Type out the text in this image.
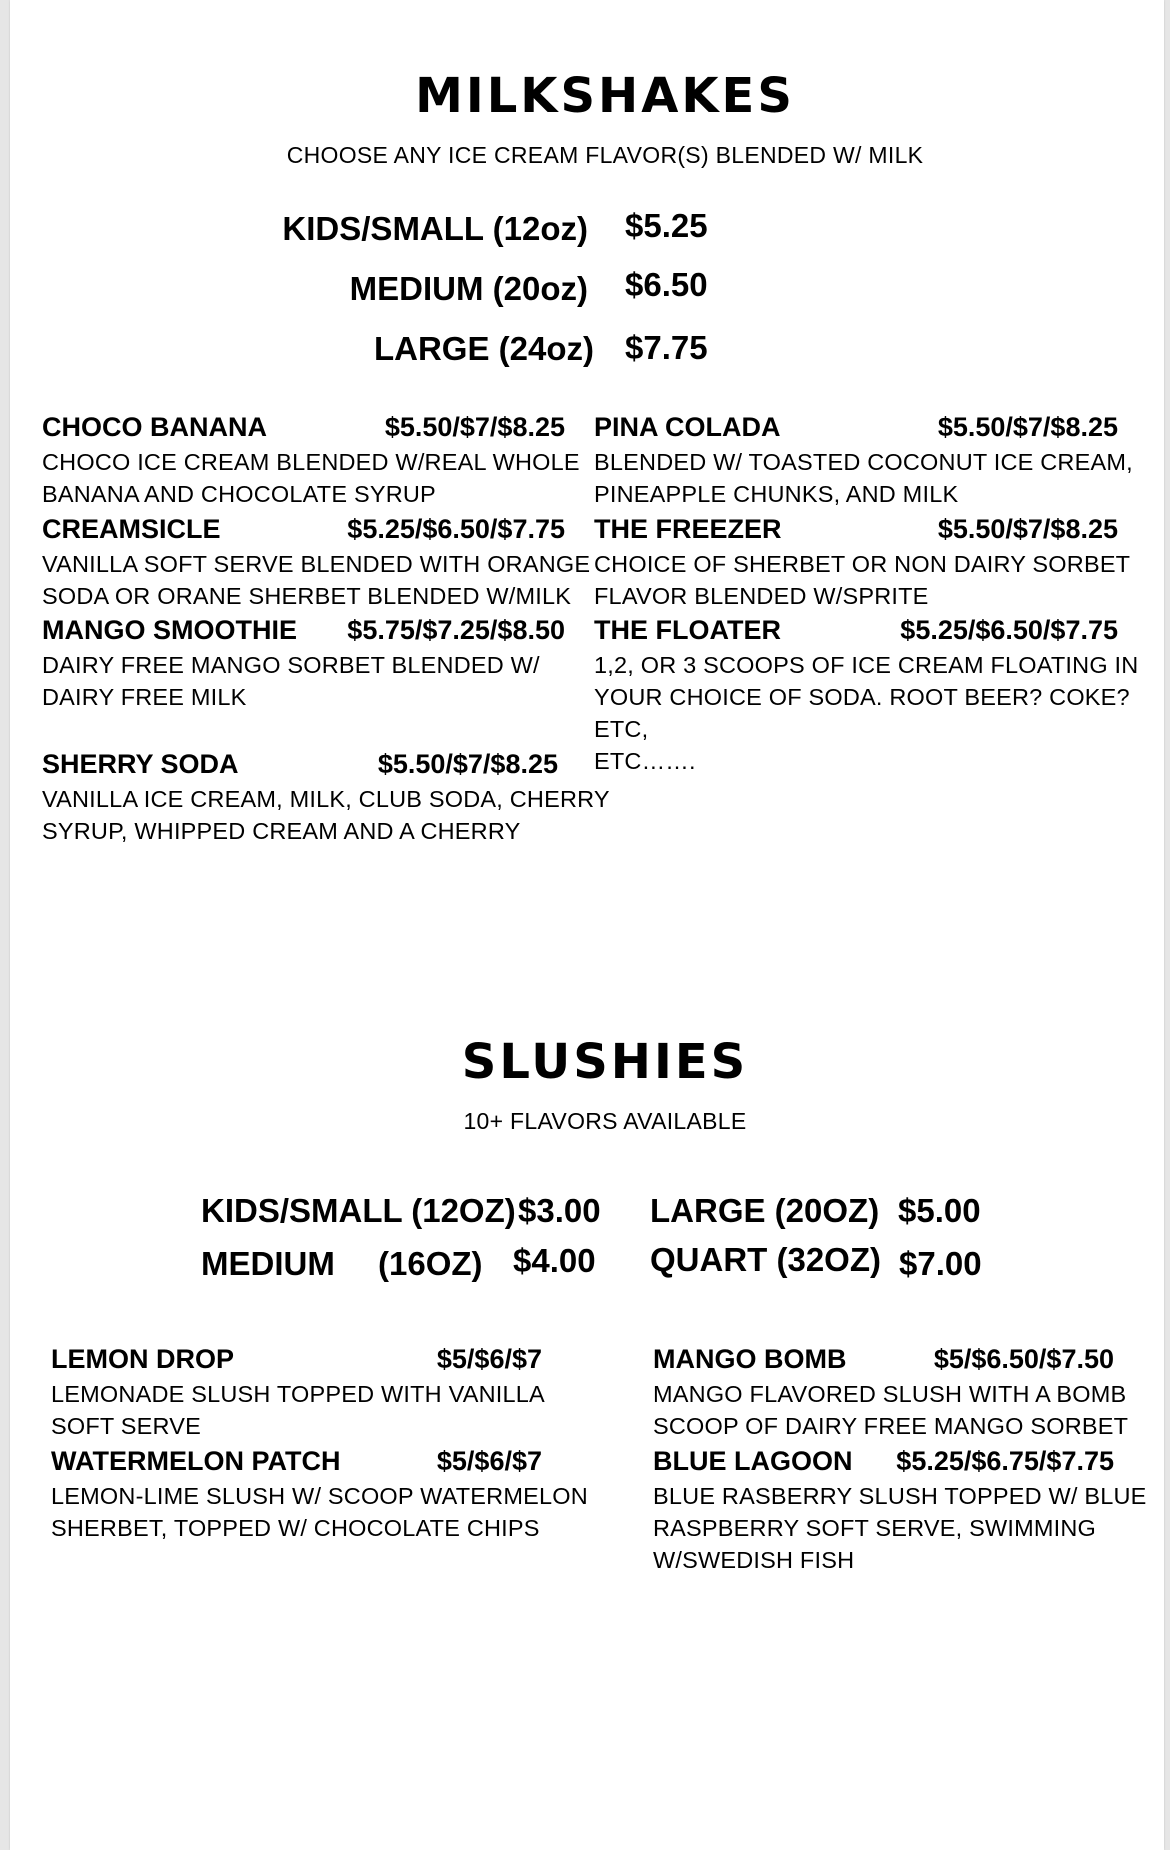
MILKSHAKES
CHOOSE ANY ICE CREAM FLAVOR(S) BLENDED W/ MILK
KIDS/SMALL (12oz) $5.25
MEDIUM (20oz) $6.50
LARGE (24oz) $7.75
CHOCO BANANA	$5.50/$7/$8.25
CHOCO ICE CREAM BLENDED W/REAL WHOLE
BANANA AND CHOCOLATE SYRUP
CREAMSICLE	$5.25/$6.50/$7.75
VANILLA SOFT SERVE BLENDED WITH ORANGE
SODA OR ORANE SHERBET BLENDED W/MILK
MANGO SMOOTHIE $5.75/$7.25/$8.50
DAIRY FREE MANGO SORBET BLENDED W/
DAIRY FREE MILK
SHERRY SODA	$5.50/$7/$8.25
VANILLA ICE CREAM, MILK, CLUB SODA, CHERRY
SYRUP, WHIPPED CREAM AND A CHERRY
PINA COLADA	$5.50/$7/$8.25
BLENDED W/ TOASTED COCONUT ICE CREAM,
PINEAPPLE CHUNKS, AND MILK
THE FREEZER	$5.50/$7/$8.25
CHOICE OF SHERBET OR NON DAIRY SORBET
FLAVOR BLENDED W/SPRITE
THE FLOATER	$5.25/$6.50/$7.75
1,2, OR 3 SCOOPS OF ICE CREAM FLOATING IN
YOUR CHOICE OF SODA. ROOT BEER? COKE? ETC,
ETC…….
SLUSHIES
10+ FLAVORS AVAILABLE
KIDS/SMALL (12OZ) $3.00
MEDIUM (16OZ) $4.00
LARGE (20OZ) $5.00
QUART (32OZ) $7.00
LEMON DROP	$5/$6/$7
LEMONADE SLUSH TOPPED WITH VANILLA
SOFT SERVE
WATERMELON PATCH	$5/$6/$7
LEMON-LIME SLUSH W/ SCOOP WATERMELON
SHERBET, TOPPED W/ CHOCOLATE CHIPS
MANGO BOMB	$5/$6.50/$7.50
MANGO FLAVORED SLUSH WITH A BOMB
SCOOP OF DAIRY FREE MANGO SORBET
BLUE LAGOON $5.25/$6.75/$7.75
BLUE RASBERRY SLUSH TOPPED W/ BLUE
RASPBERRY SOFT SERVE, SWIMMING
W/SWEDISH FISH
